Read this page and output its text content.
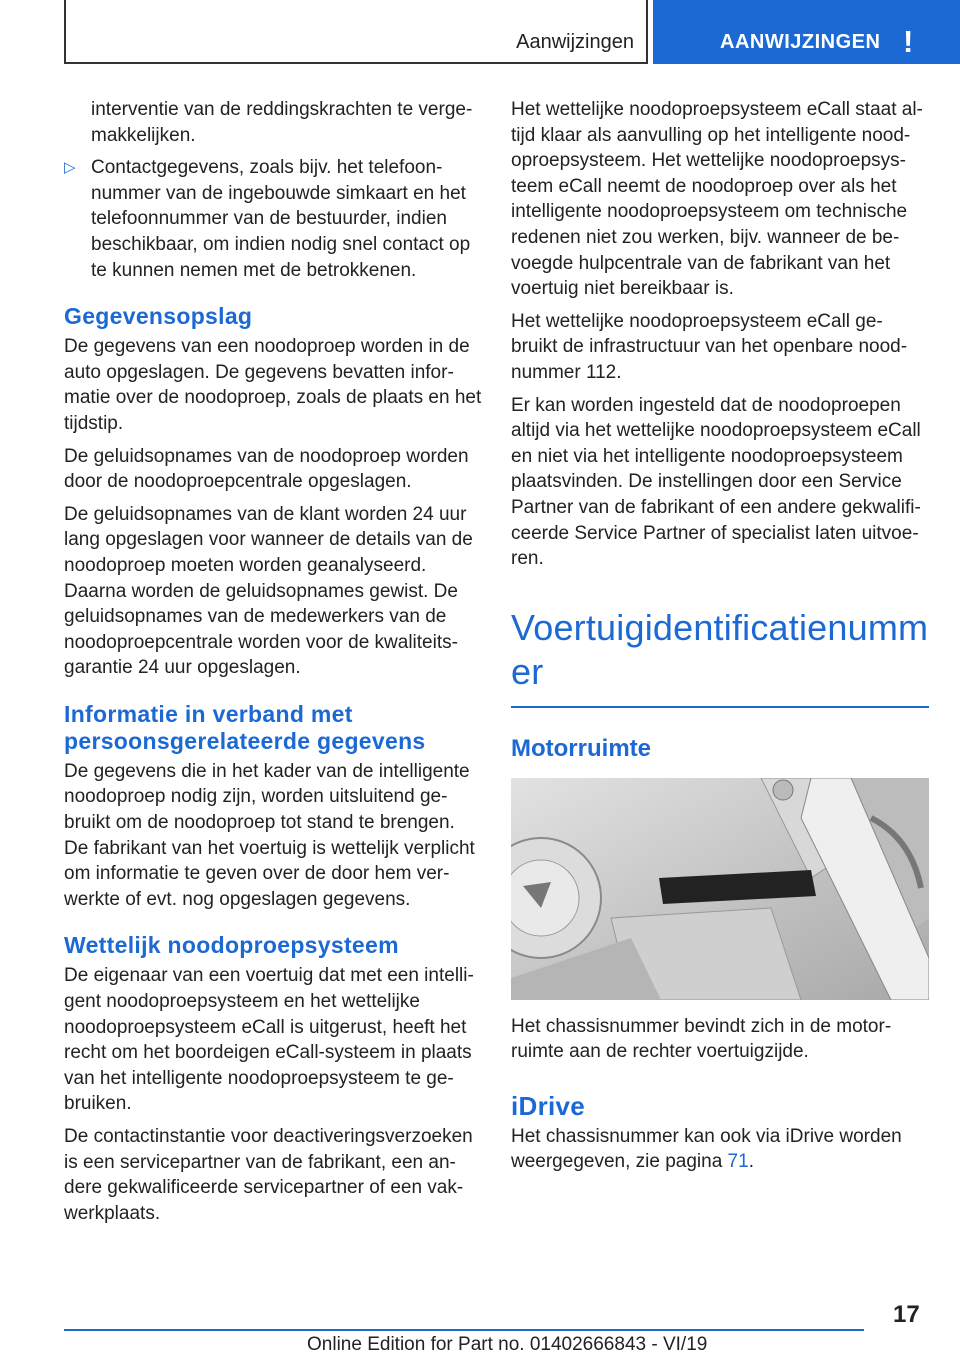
Aanwijzingen	AANWIJZINGEN !

interventie van de reddingskrachten te verge- makkelijken.

▷ Contactgegevens, zoals bijv. het telefoon- nummer van de ingebouwde simkaart en het telefoonnummer van de bestuurder, indien beschikbaar, om indien nodig snel contact op te kunnen nemen met de betrokkenen.

Gegevensopslag

De gegevens van een noodoproep worden in de auto opgeslagen. De gegevens bevatten infor- matie over de noodoproep, zoals de plaats en het tijdstip.

De geluidsopnames van de noodoproep worden door de noodoproepcentrale opgeslagen.

De geluidsopnames van de klant worden 24 uur lang opgeslagen voor wanneer de details van de noodoproep moeten worden geanalyseerd. Daarna worden de geluidsopnames gewist. De geluidsopnames van de medewerkers van de noodoproepcentrale worden voor de kwaliteits- garantie 24 uur opgeslagen.

Informatie in verband met persoonsgerelateerde gegevens

De gegevens die in het kader van de intelligente noodoproep nodig zijn, worden uitsluitend ge- bruikt om de noodoproep tot stand te brengen. De fabrikant van het voertuig is wettelijk verplicht om informatie te geven over de door hem ver- werkte of evt. nog opgeslagen gegevens.

Wettelijk noodoproepsysteem

De eigenaar van een voertuig dat met een intelli- gent noodoproepsysteem en het wettelijke noodoproepsysteem eCall is uitgerust, heeft het recht om het boordeigen eCall-systeem in plaats van het intelligente noodoproepsysteem te ge- bruiken.

De contactinstantie voor deactiveringsverzoeken is een servicepartner van de fabrikant, een an- dere gekwalificeerde servicepartner of een vak- werkplaats.

Het wettelijke noodoproepsysteem eCall staat al- tijd klaar als aanvulling op het intelligente nood- oproepsysteem. Het wettelijke noodoproepsys- teem eCall neemt de noodoproep over als het intelligente noodoproepsysteem om technische redenen niet zou werken, bijv. wanneer de be- voegde hulpcentrale van de fabrikant van het voertuig niet bereikbaar is.

Het wettelijke noodoproepsysteem eCall ge- bruikt de infrastructuur van het openbare nood- nummer 112.

Er kan worden ingesteld dat de noodoproepen altijd via het wettelijke noodoproepsysteem eCall en niet via het intelligente noodoproepsysteem plaatsvinden. De instellingen door een Service Partner van de fabrikant of een andere gekwalifi- ceerde Service Partner of specialist laten uitvoe- ren.

Voertuigidentificatienumm er
Motorruimte

Het chassisnummer bevindt zich in de motor- ruimte aan de rechter voertuigzijde.

iDrive

Het chassisnummer kan ook via iDrive worden weergegeven, zie pagina 71.

17
Online Edition for Part no. 01402666843 - VI/19
